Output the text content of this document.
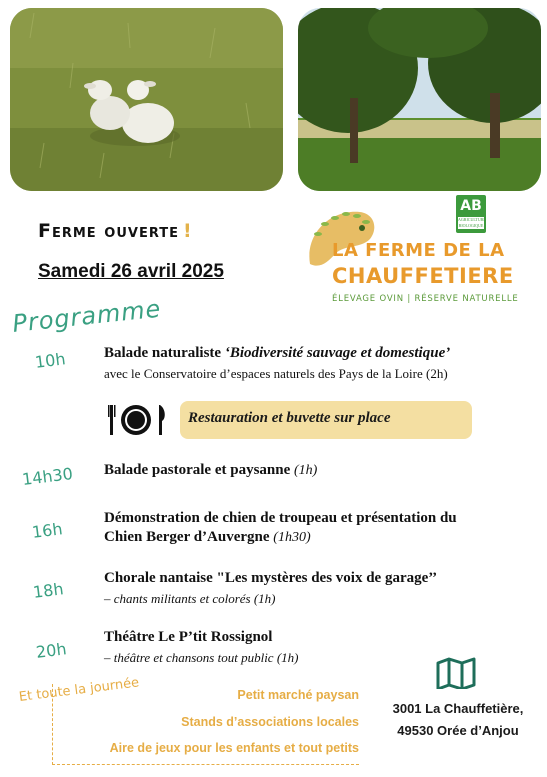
Ferme ouverte !
Samedi 26 avril 2025
AB
AGRICULTURE BIOLOGIQUE
LA FERME DE LA
CHAUFFETIERE
ÉLEVAGE OVIN | RÉSERVE NATURELLE
Programme
10h Balade naturaliste ‘Biodiversité sauvage et domestique’
avec le Conservatoire d’espaces naturels des Pays de la Loire (2h)
Restauration et buvette sur place
14h30 Balade pastorale et paysanne (1h)
16h
Démonstration de chien de troupeau et présentation du
Chien Berger d’Auvergne (1h30)
18h
Chorale nantaise "Les mystères des voix de garage’’
– chants militants et colorés (1h)
20h
Théâtre Le P’tit Rossignol
– théâtre et chansons tout public (1h)
Petit marché paysan
Stands d’associations locales
Aire de jeux pour les enfants et tout petits
Et toute la journée
3001 La Chauffetière,
49530 Orée d’Anjou
